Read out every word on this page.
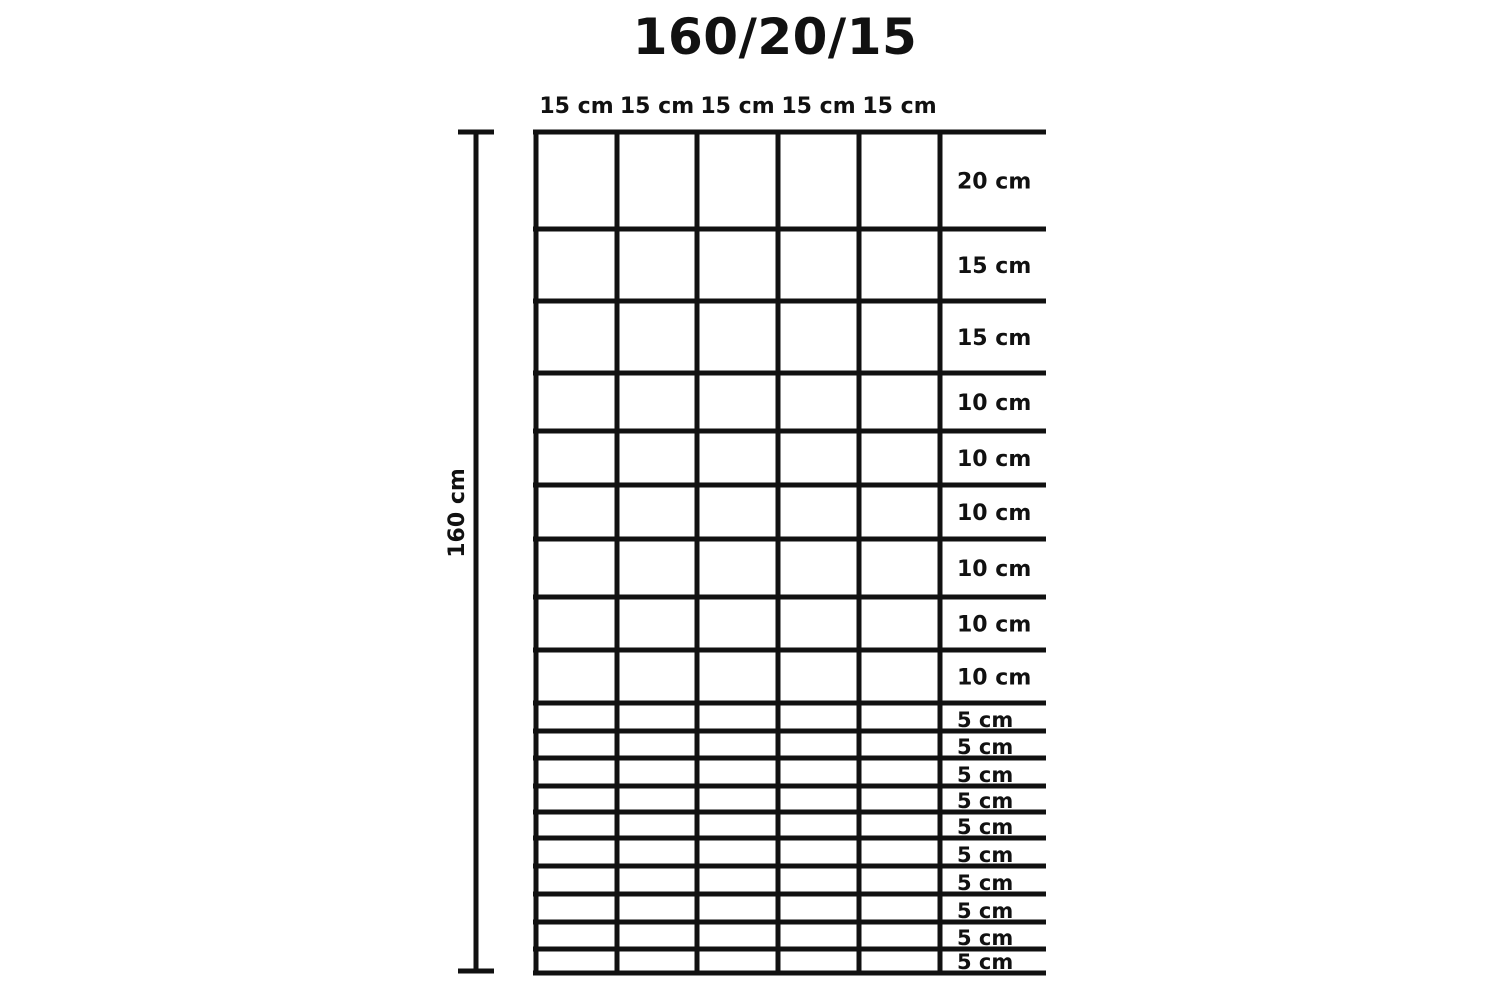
160/20/15
160 cm
15 cm 15 cm 15 cm 15 cm 15 cm
20 cm
15 cm
15 cm
10 cm
10 cm
10 cm
10 cm
10 cm
10 cm
5 cm
5 cm
5 cm
5 cm
5 cm
5 cm
5 cm
5 cm
5 cm
5 cm
